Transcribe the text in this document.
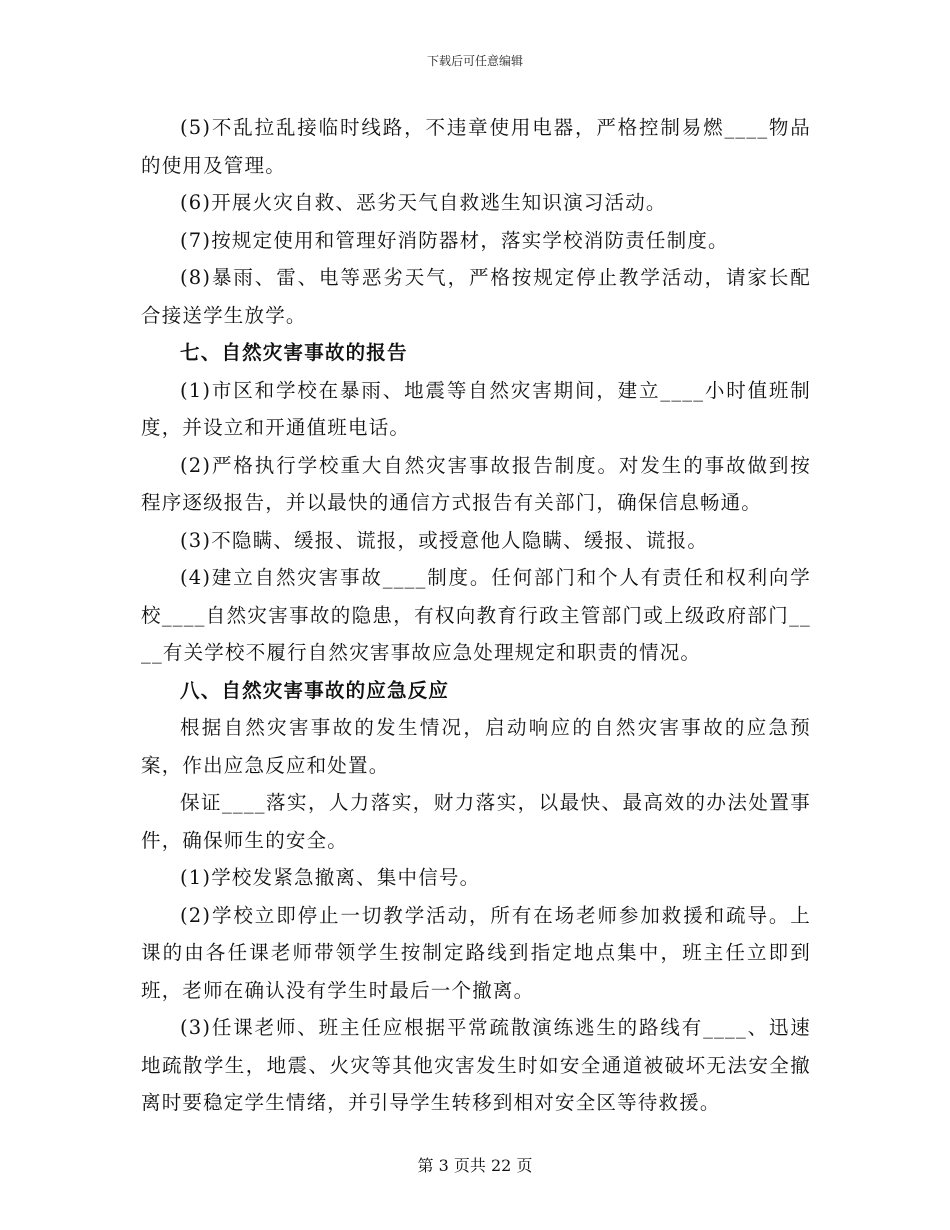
下载后可任意编辑

(5)不乱拉乱接临时线路，不违章使用电器，严格控制易燃____物品的使用及管理。

(6)开展火灾自救、恶劣天气自救逃生知识演习活动。

(7)按规定使用和管理好消防器材，落实学校消防责任制度。

(8)暴雨、雷、电等恶劣天气，严格按规定停止教学活动，请家长配合接送学生放学。

七、自然灾害事故的报告

(1)市区和学校在暴雨、地震等自然灾害期间，建立____小时值班制度，并设立和开通值班电话。

(2)严格执行学校重大自然灾害事故报告制度。对发生的事故做到按程序逐级报告，并以最快的通信方式报告有关部门，确保信息畅通。

(3)不隐瞒、缓报、谎报，或授意他人隐瞒、缓报、谎报。

(4)建立自然灾害事故____制度。任何部门和个人有责任和权利向学校____自然灾害事故的隐患，有权向教育行政主管部门或上级政府部门____有关学校不履行自然灾害事故应急处理规定和职责的情况。

八、自然灾害事故的应急反应

根据自然灾害事故的发生情况，启动响应的自然灾害事故的应急预案，作出应急反应和处置。

保证____落实，人力落实，财力落实，以最快、最高效的办法处置事件，确保师生的安全。

(1)学校发紧急撤离、集中信号。

(2)学校立即停止一切教学活动，所有在场老师参加救援和疏导。上课的由各任课老师带领学生按制定路线到指定地点集中，班主任立即到班，老师在确认没有学生时最后一个撤离。

(3)任课老师、班主任应根据平常疏散演练逃生的路线有____、迅速地疏散学生，地震、火灾等其他灾害发生时如安全通道被破坏无法安全撤离时要稳定学生情绪，并引导学生转移到相对安全区等待救援。

第 3 页共 22 页
